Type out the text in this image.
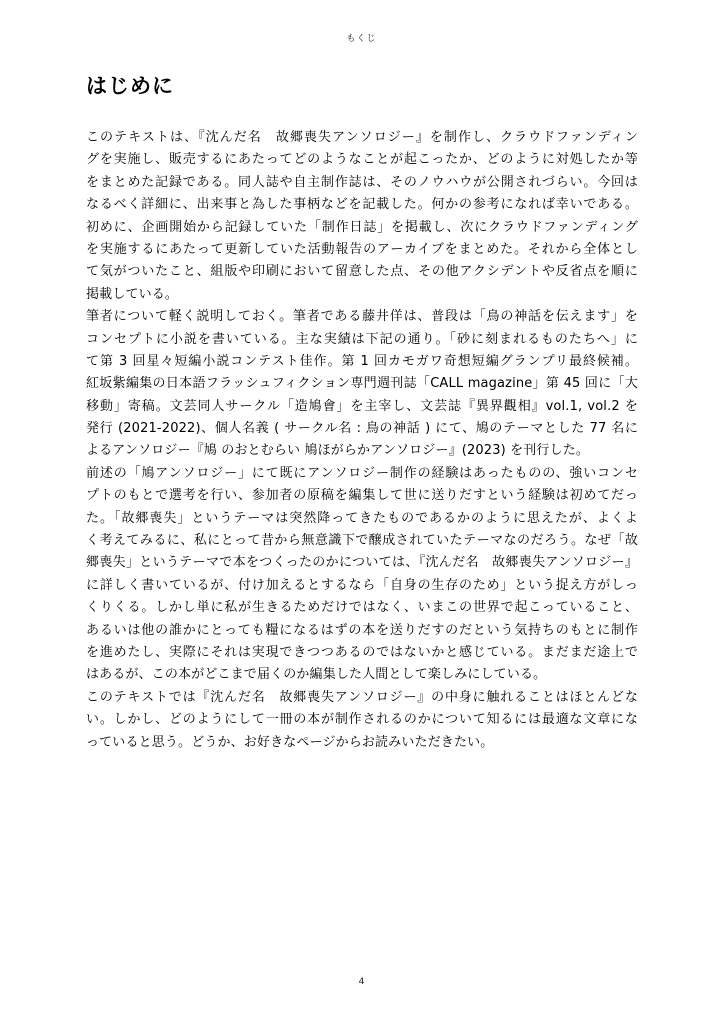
もくじ
はじめに
このテキストは、『沈んだ名　故郷喪失アンソロジー』を制作し、クラウドファンディン
グを実施し、販売するにあたってどのようなことが起こったか、どのように対処したか等
をまとめた記録である。同人誌や自主制作誌は、そのノウハウが公開されづらい。今回は
なるべく詳細に、出来事と為した事柄などを記載した。何かの参考になれば幸いである。
初めに、企画開始から記録していた「制作日誌」を掲載し、次にクラウドファンディング
を実施するにあたって更新していた活動報告のアーカイブをまとめた。それから全体とし
て気がついたこと、組版や印刷において留意した点、その他アクシデントや反省点を順に
掲載している。
筆者について軽く説明しておく。筆者である藤井佯は、普段は「鳥の神話を伝えます」を
コンセプトに小説を書いている。主な実績は下記の通り。「砂に刻まれるものたちへ」に
て第 3 回星々短編小説コンテスト佳作。第 1 回カモガワ奇想短編グランプリ最終候補。
紅坂紫編集の日本語フラッシュフィクション専門週刊誌「CALL magazine」第 45 回に「大
移動」寄稿。文芸同人サークル「造鳩會」を主宰し、文芸誌『異界觀相』vol.1, vol.2 を
発行 (2021-2022)、個人名義 ( サークル名 : 鳥の神話 ) にて、鳩のテーマとした 77 名に
よるアンソロジー『鳩 のおとむらい 鳩ほがらかアンソロジー』(2023) を刊行した。
前述の「鳩アンソロジー」にて既にアンソロジー制作の経験はあったものの、強いコンセ
プトのもとで選考を行い、参加者の原稿を編集して世に送りだすという経験は初めてだっ
た。「故郷喪失」というテーマは突然降ってきたものであるかのように思えたが、よくよ
く考えてみるに、私にとって昔から無意識下で醸成されていたテーマなのだろう。なぜ「故
郷喪失」というテーマで本をつくったのかについては、『沈んだ名　故郷喪失アンソロジー』
に詳しく書いているが、付け加えるとするなら「自身の生存のため」という捉え方がしっ
くりくる。しかし単に私が生きるためだけではなく、いまこの世界で起こっていること、
あるいは他の誰かにとっても糧になるはずの本を送りだすのだという気持ちのもとに制作
を進めたし、実際にそれは実現できつつあるのではないかと感じている。まだまだ途上で
はあるが、この本がどこまで届くのか編集した人間として楽しみにしている。
このテキストでは『沈んだ名　故郷喪失アンソロジー』の中身に触れることはほとんどな
い。しかし、どのようにして一冊の本が制作されるのかについて知るには最適な文章にな
っていると思う。どうか、お好きなページからお読みいただきたい。
4
